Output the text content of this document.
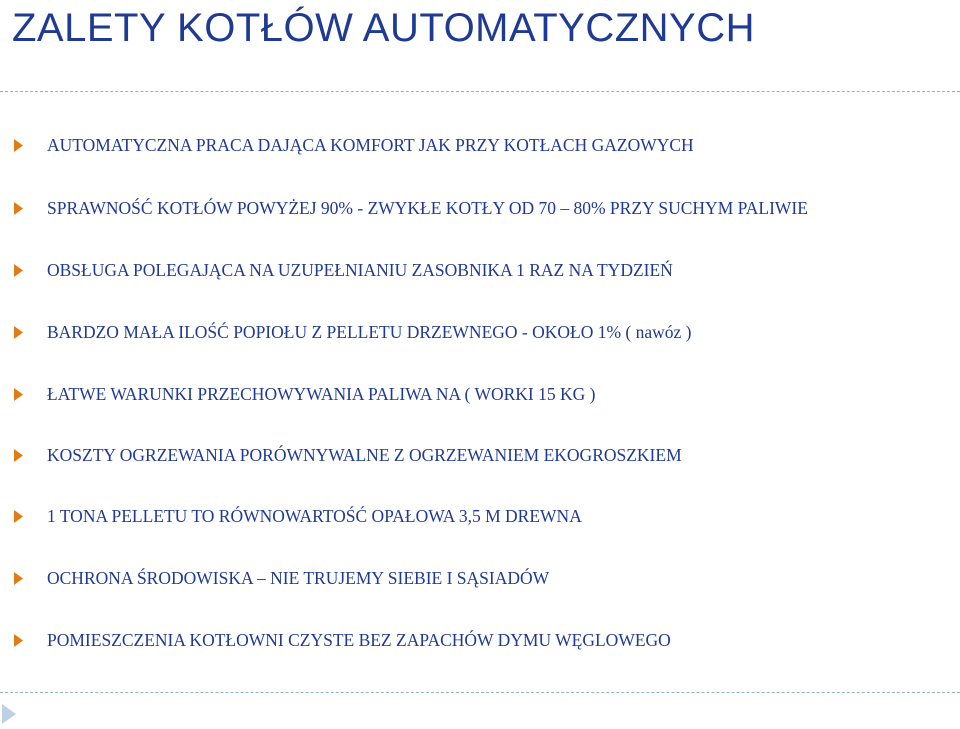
ZALETY KOTŁÓW AUTOMATYCZNYCH
AUTOMATYCZNA PRACA DAJĄCA KOMFORT JAK PRZY KOTŁACH GAZOWYCH
SPRAWNOŚĆ KOTŁÓW POWYŻEJ 90% - ZWYKŁE KOTŁY OD 70 – 80% PRZY SUCHYM PALIWIE
OBSŁUGA POLEGAJĄCA NA UZUPEŁNIANIU ZASOBNIKA 1 RAZ NA TYDZIEŃ
BARDZO MAŁA ILOŚĆ POPIOŁU Z PELLETU DRZEWNEGO - OKOŁO 1% ( nawóz )
ŁATWE WARUNKI PRZECHOWYWANIA PALIWA NA ( WORKI 15 KG )
KOSZTY OGRZEWANIA PORÓWNYWALNE Z OGRZEWANIEM EKOGROSZKIEM
1 TONA PELLETU TO RÓWNOWARTOŚĆ OPAŁOWA 3,5 M DREWNA
OCHRONA ŚRODOWISKA – NIE TRUJEMY SIEBIE I SĄSIADÓW
POMIESZCZENIA KOTŁOWNI CZYSTE BEZ ZAPACHÓW DYMU WĘGLOWEGO
